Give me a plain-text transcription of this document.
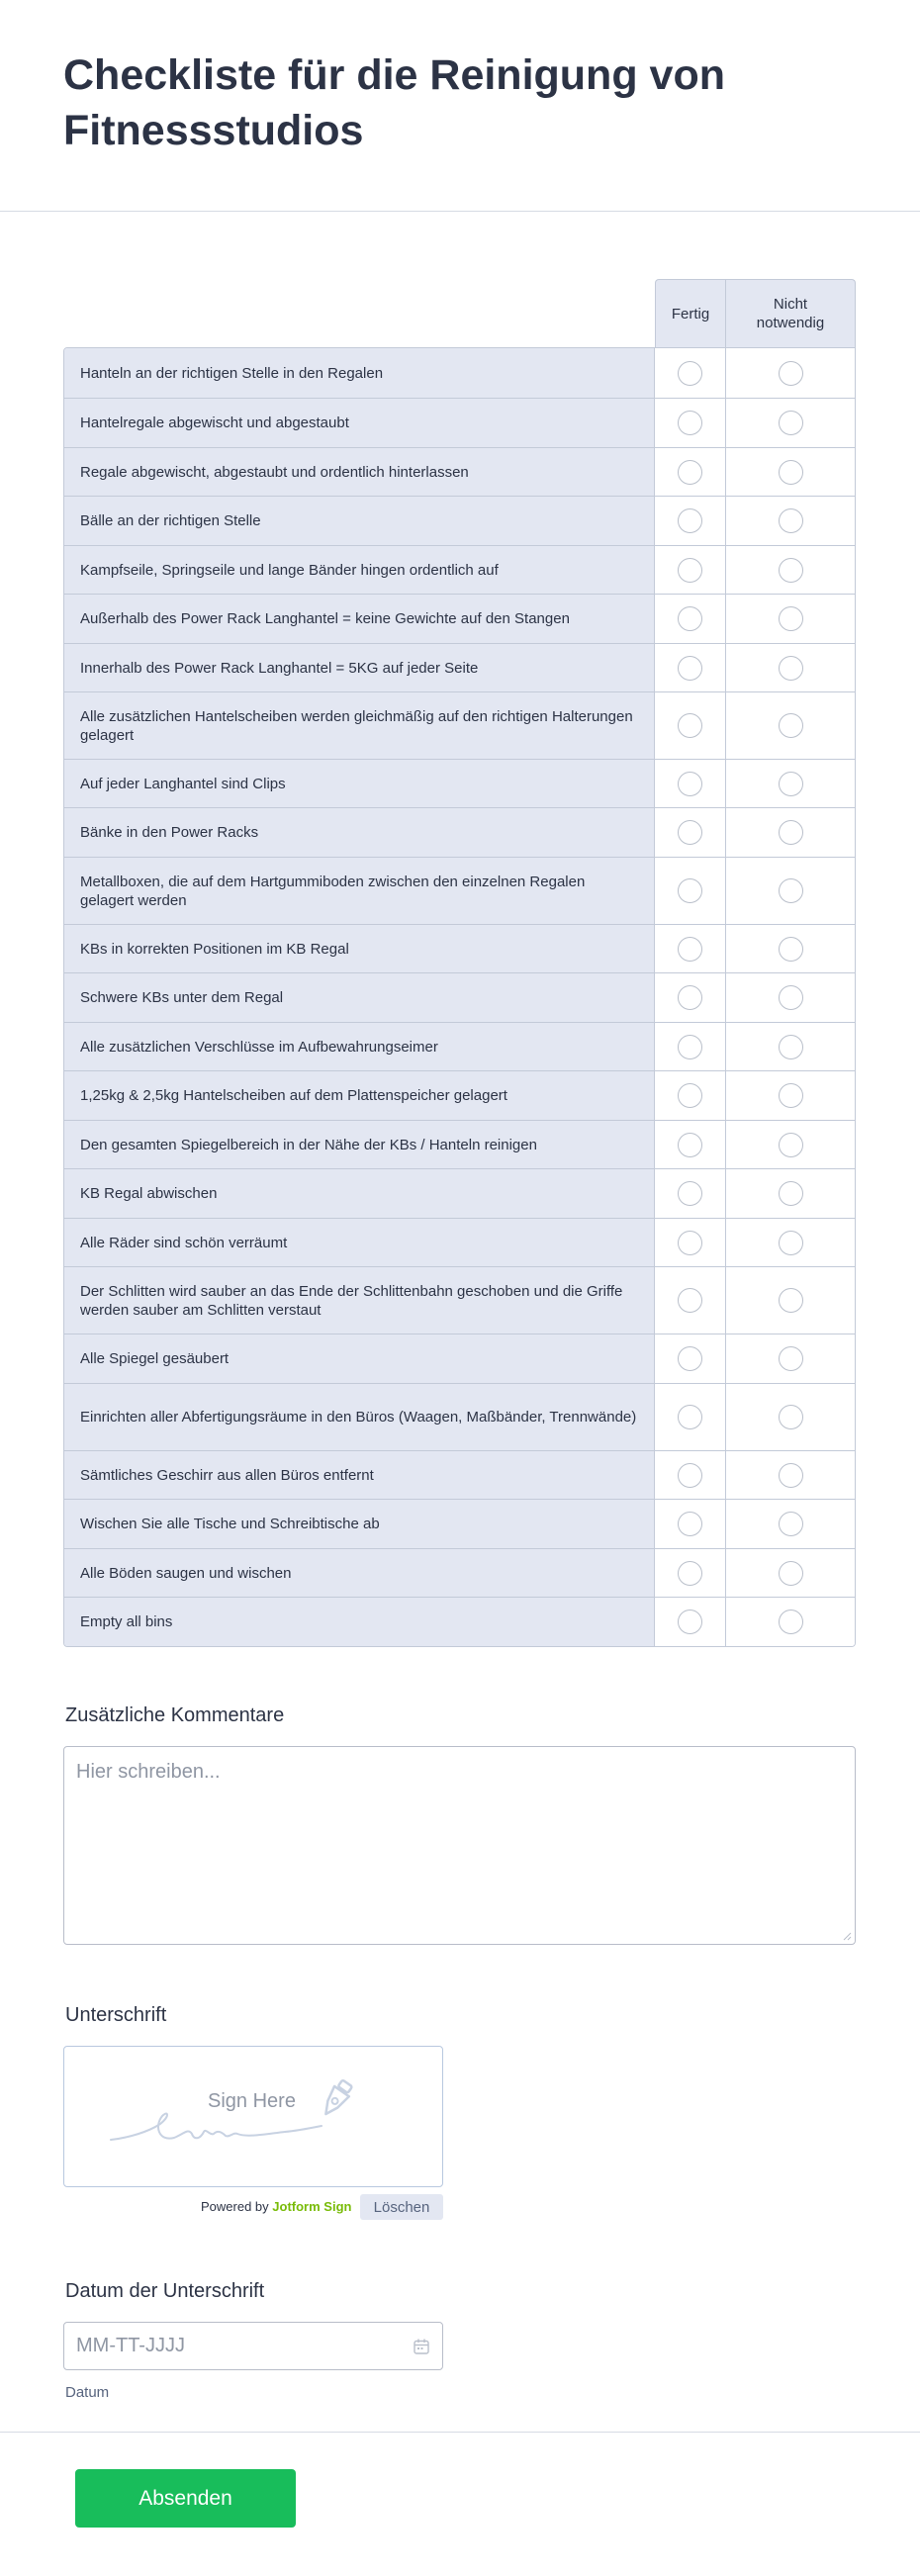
Checkliste für die Reinigung von Fitnessstudios
Fertig
Nicht notwendig
Hanteln an der richtigen Stelle in den Regalen
Hantelregale abgewischt und abgestaubt
Regale abgewischt, abgestaubt und ordentlich hinterlassen
Bälle an der richtigen Stelle
Kampfseile, Springseile und lange Bänder hingen ordentlich auf
Außerhalb des Power Rack Langhantel = keine Gewichte auf den Stangen
Innerhalb des Power Rack Langhantel = 5KG auf jeder Seite
Alle zusätzlichen Hantelscheiben werden gleichmäßig auf den richtigen Halterungen gelagert
Auf jeder Langhantel sind Clips
Bänke in den Power Racks
Metallboxen, die auf dem Hartgummiboden zwischen den einzelnen Regalen gelagert werden
KBs in korrekten Positionen im KB Regal
Schwere KBs unter dem Regal
Alle zusätzlichen Verschlüsse im Aufbewahrungseimer
1,25kg & 2,5kg Hantelscheiben auf dem Plattenspeicher gelagert
Den gesamten Spiegelbereich in der Nähe der KBs / Hanteln reinigen
KB Regal abwischen
Alle Räder sind schön verräumt
Der Schlitten wird sauber an das Ende der Schlittenbahn geschoben und die Griffe werden sauber am Schlitten verstaut
Alle Spiegel gesäubert
Einrichten aller Abfertigungsräume in den Büros (Waagen, Maßbänder, Trennwände)
Sämtliches Geschirr aus allen Büros entfernt
Wischen Sie alle Tische und Schreibtische ab
Alle Böden saugen und wischen
Empty all bins
Zusätzliche Kommentare
Hier schreiben...
Unterschrift
Sign Here
Powered by Jotform Sign	Löschen
Datum der Unterschrift
MM-TT-JJJJ
Datum
Absenden
